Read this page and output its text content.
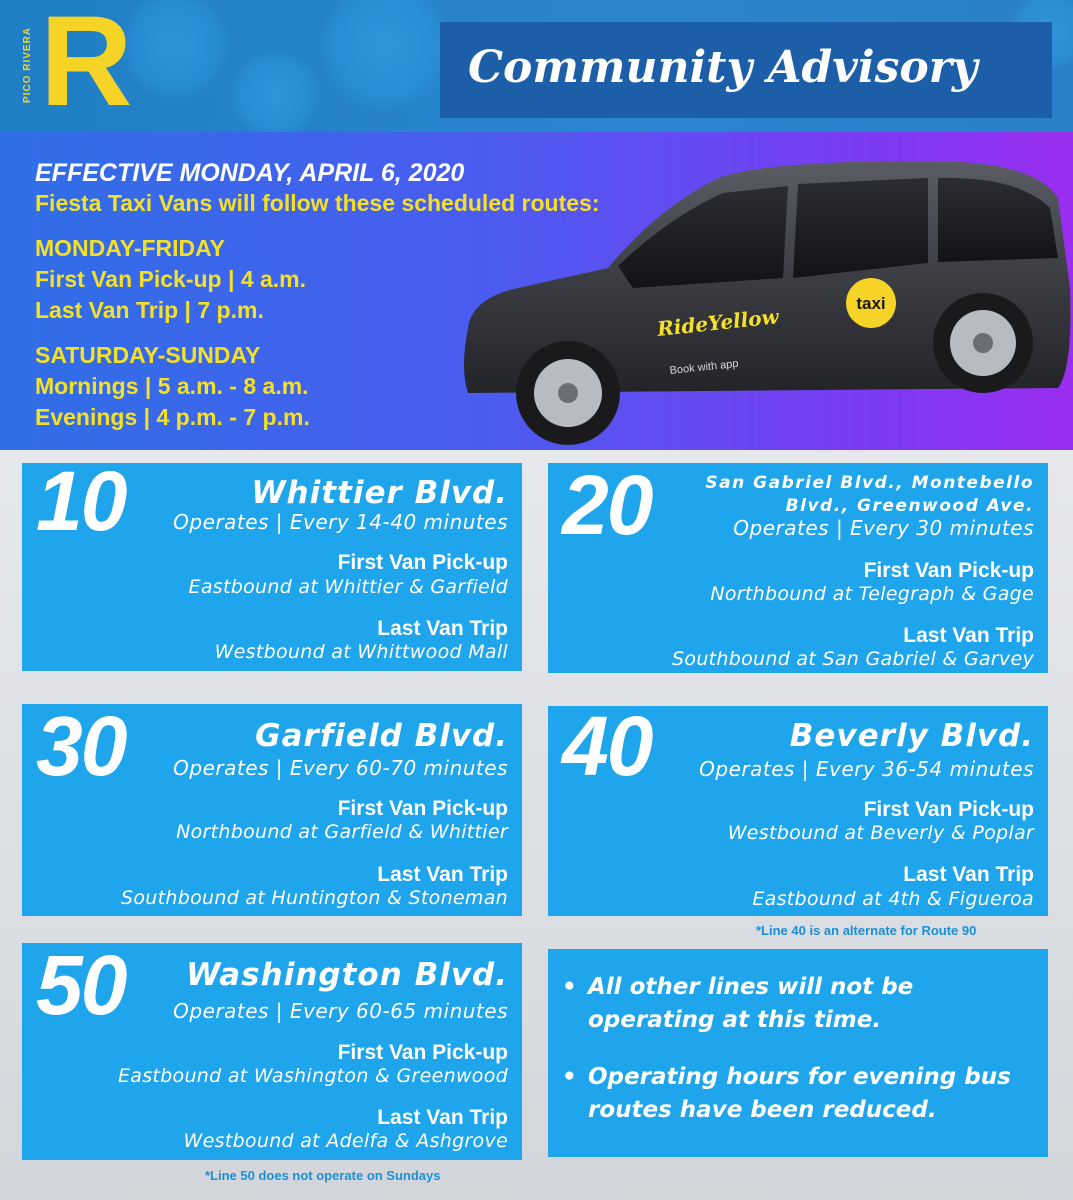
PICO RIVERA R	Community Advisory
EFFECTIVE MONDAY, APRIL 6, 2020
Fiesta Taxi Vans will follow these scheduled routes:
MONDAY-FRIDAY
First Van Pick-up | 4 a.m.
Last Van Trip | 7 p.m.
SATURDAY-SUNDAY
Mornings | 5 a.m. - 8 a.m.
Evenings | 4 p.m. - 7 p.m.
RideYellow
taxi
Book with app
10	Whittier Blvd.
Operates | Every 14-40 minutes
First Van Pick-up
Eastbound at Whittier & Garfield
Last Van Trip
Westbound at Whittwood Mall
20	San Gabriel Blvd., Montebello
Blvd., Greenwood Ave.
Operates | Every 30 minutes
First Van Pick-up
Northbound at Telegraph & Gage
Last Van Trip
Southbound at San Gabriel & Garvey
30	Garfield Blvd.
Operates | Every 60-70 minutes
First Van Pick-up
Northbound at Garfield & Whittier
Last Van Trip
Southbound at Huntington & Stoneman
40	Beverly Blvd.
Operates | Every 36-54 minutes
First Van Pick-up
Westbound at Beverly & Poplar
Last Van Trip
Eastbound at 4th & Figueroa
*Line 40 is an alternate for Route 90
50 Washington Blvd.
Operates | Every 60-65 minutes
First Van Pick-up
Eastbound at Washington & Greenwood
Last Van Trip
Westbound at Adelfa & Ashgrove
*Line 50 does not operate on Sundays
• All other lines will not be operating at this time.
• Operating hours for evening bus routes have been reduced.
